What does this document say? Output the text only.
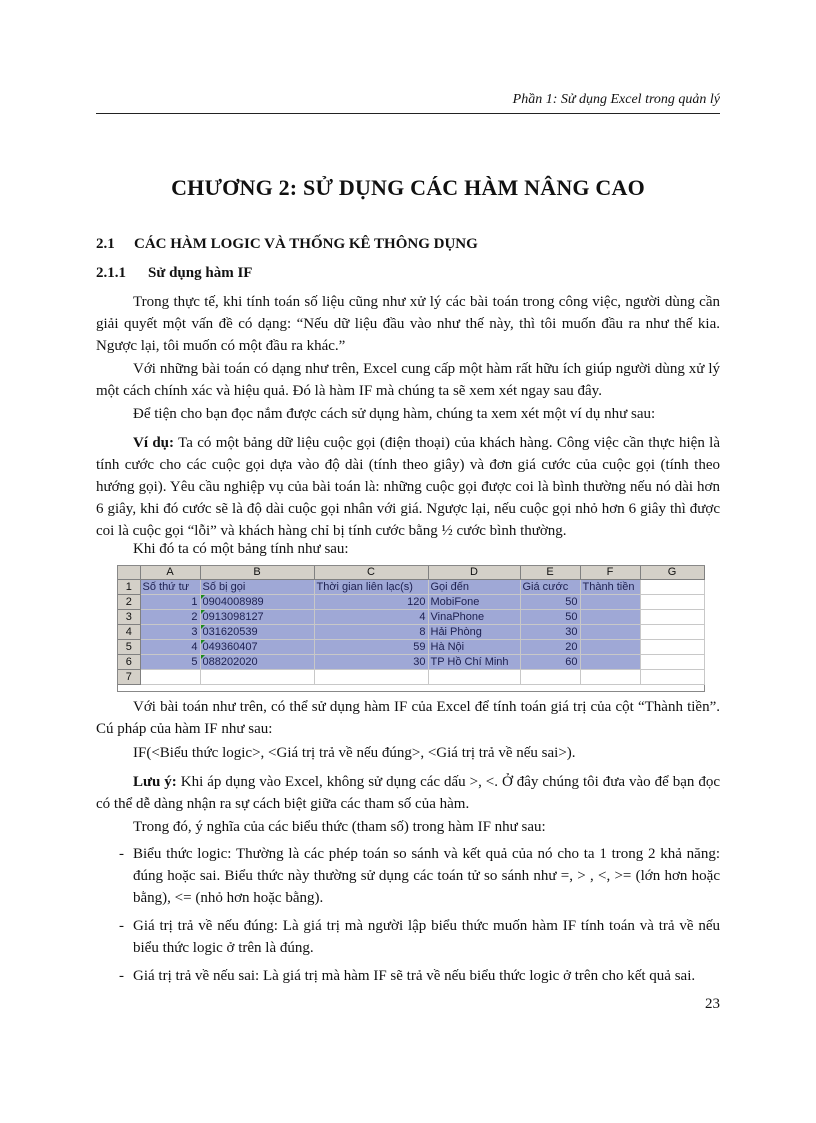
Phần 1: Sử dụng Excel trong quản lý
CHƯƠNG 2: SỬ DỤNG CÁC HÀM NÂNG CAO
2.1 CÁC HÀM LOGIC VÀ THỐNG KÊ THÔNG DỤNG
2.1.1 Sử dụng hàm IF
Trong thực tế, khi tính toán số liệu cũng như xử lý các bài toán trong công việc, người dùng cần giải quyết một vấn đề có dạng: “Nếu dữ liệu đầu vào như thế này, thì tôi muốn đầu ra như thế kia. Ngược lại, tôi muốn có một đầu ra khác.”
Với những bài toán có dạng như trên, Excel cung cấp một hàm rất hữu ích giúp người dùng xử lý một cách chính xác và hiệu quả. Đó là hàm IF mà chúng ta sẽ xem xét ngay sau đây.
Để tiện cho bạn đọc nắm được cách sử dụng hàm, chúng ta xem xét một ví dụ như sau:
Ví dụ: Ta có một bảng dữ liệu cuộc gọi (điện thoại) của khách hàng. Công việc cần thực hiện là tính cước cho các cuộc gọi dựa vào độ dài (tính theo giây) và đơn giá cước của cuộc gọi (tính theo hướng gọi). Yêu cầu nghiệp vụ của bài toán là: những cuộc gọi được coi là bình thường nếu nó dài hơn 6 giây, khi đó cước sẽ là độ dài cuộc gọi nhân với giá. Ngược lại, nếu cuộc gọi nhỏ hơn 6 giây thì được coi là cuộc gọi “lỗi” và khách hàng chỉ bị tính cước bằng ½ cước bình thường.
Khi đó ta có một bảng tính như sau:
	A	B	C	D	E	F	G
1	Số thứ tư	Số bị gọi	Thời gian liên lạc(s)	Gọi đến	Giá cước	Thành tiền	
2	1	0904008989	120	MobiFone	50		
3	2	0913098127	4	VinaPhone	50		
4	3	031620539	8	Hải Phòng	30		
5	4	049360407	59	Hà Nội	20		
6	5	088202020	30	TP Hồ Chí Minh	60		
7							
Với bài toán như trên, có thể sử dụng hàm IF của Excel để tính toán giá trị của cột “Thành tiền”. Cú pháp của hàm IF như sau:
IF(<Biểu thức logic>, <Giá trị trả về nếu đúng>, <Giá trị trả về nếu sai>).
Lưu ý: Khi áp dụng vào Excel, không sử dụng các dấu >, <. Ở đây chúng tôi đưa vào để bạn đọc có thể dễ dàng nhận ra sự cách biệt giữa các tham số của hàm.
Trong đó, ý nghĩa của các biểu thức (tham số) trong hàm IF như sau:
- Biểu thức logic: Thường là các phép toán so sánh và kết quả của nó cho ta 1 trong 2 khả năng: đúng hoặc sai. Biểu thức này thường sử dụng các toán tử so sánh như =, > , <, >= (lớn hơn hoặc bằng), <= (nhỏ hơn hoặc bằng).
- Giá trị trả về nếu đúng: Là giá trị mà người lập biểu thức muốn hàm IF tính toán và trả về nếu biểu thức logic ở trên là đúng.
- Giá trị trả về nếu sai: Là giá trị mà hàm IF sẽ trả về nếu biểu thức logic ở trên cho kết quả sai.
23
